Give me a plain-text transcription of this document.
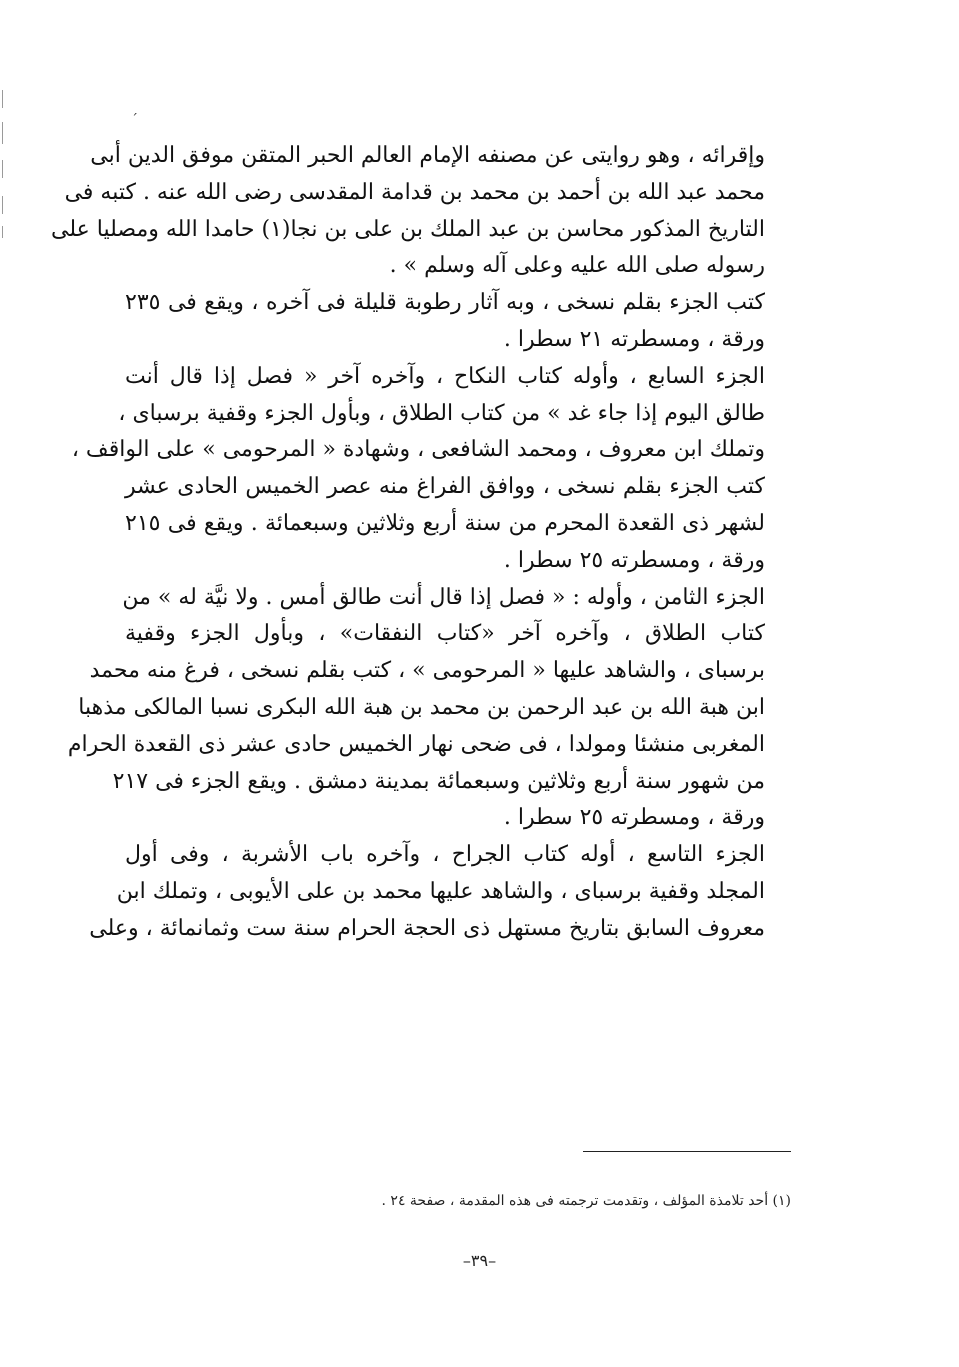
´
وإقرائه ، وهو روايتى عن مصنفه الإمام العالم الحبر المتقن موفق الدين أبى
محمد عبد الله بن أحمد بن محمد بن قدامة المقدسى رضى الله عنه . كتبه فى
التاريخ المذكور محاسن بن عبد الملك بن على بن نجا(١) حامدا الله ومصليا على
رسوله صلى الله عليه وعلى آله وسلم » .
كتب الجزء بقلم نسخى ، وبه آثار رطوبة قليلة فى آخره ، ويقع فى ٢٣٥
ورقة ، ومسطرته ٢١ سطرا .
الجزء السابع ، وأوله كتاب النكاح ، وآخره آخر « فصل إذا قال أنت
طالق اليوم إذا جاء غد » من كتاب الطلاق ، وبأول الجزء وقفية برسباى ،
وتملك ابن معروف ، ومحمد الشافعى ، وشهادة « المرحومى » على الواقف ،
كتب الجزء بقلم نسخى ، ووافق الفراغ منه عصر الخميس الحادى عشر
لشهر ذى القعدة المحرم من سنة أربع وثلاثين وسبعمائة . ويقع فى ٢١٥
ورقة ، ومسطرته ٢٥ سطرا .
الجزء الثامن ، وأوله : « فصل إذا قال أنت طالق أمس . ولا نيَّة له » من
كتاب الطلاق ، وآخره آخر «كتاب النفقات» ، وبأول الجزء وقفية
برسباى ، والشاهد عليها « المرحومى » ، كتب بقلم نسخى ، فرغ منه محمد
ابن هبة الله بن عبد الرحمن بن محمد بن هبة الله البكرى نسبا المالكى مذهبا
المغربى منشئا ومولدا ، فى ضحى نهار الخميس حادى عشر ذى القعدة الحرام
من شهور سنة أربع وثلاثين وسبعمائة بمدينة دمشق . ويقع الجزء فى ٢١٧
ورقة ، ومسطرته ٢٥ سطرا .
الجزء التاسع ، أوله كتاب الجراح ، وآخره باب الأشربة ، وفى أول
المجلد وقفية برسباى ، والشاهد عليها محمد بن على الأيوبى ، وتملك ابن
معروف السابق بتاريخ مستهل ذى الحجة الحرام سنة ست وثمانمائة ، وعلى
(١) أحد تلامذة المؤلف ، وتقدمت ترجمته فى هذه المقدمة ، صفحة ٢٤ .
–٣٩–
